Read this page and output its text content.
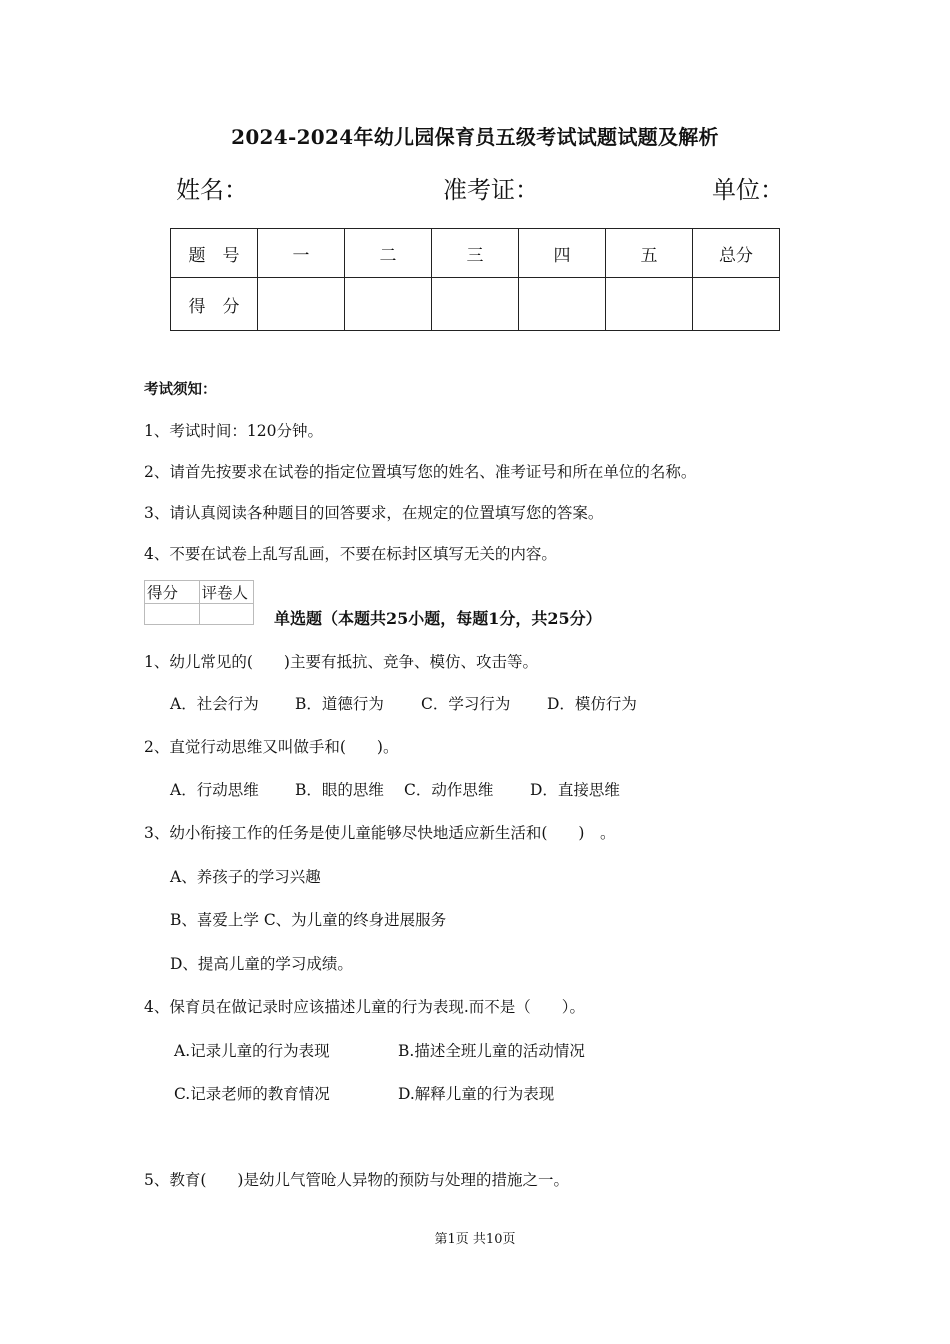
2024-2024年幼儿园保育员五级考试试题试题及解析
姓名：	准考证：	单位：
题　号	一	二	三	四	五	总分
得　分						
考试须知：
1、考试时间：120分钟。
2、请首先按要求在试卷的指定位置填写您的姓名、准考证号和所在单位的名称。
3、请认真阅读各种题目的回答要求，在规定的位置填写您的答案。
4、不要在试卷上乱写乱画，不要在标封区填写无关的内容。
得分	评卷人

单选题（本题共25小题，每题1分，共25分）
1、幼儿常见的(　　)主要有抵抗、竞争、模仿、攻击等。
A．社会行为 B．道德行为 C．学习行为 D．模仿行为
2、直觉行动思维又叫做手和(　　)。
A．行动思维 B．眼的思维 C．动作思维 D．直接思维
3、幼小衔接工作的任务是使儿童能够尽快地适应新生活和(　　)　。
A、养孩子的学习兴趣
B、喜爱上学 C、为儿童的终身进展服务
D、提高儿童的学习成绩。
4、保育员在做记录时应该描述儿童的行为表现.而不是（　　）。
A.记录儿童的行为表现	B.描述全班儿童的活动情况
C.记录老师的教育情况	D.解释儿童的行为表现
5、教育(　　)是幼儿气管呛人异物的预防与处理的措施之一。
第1页 共10页
